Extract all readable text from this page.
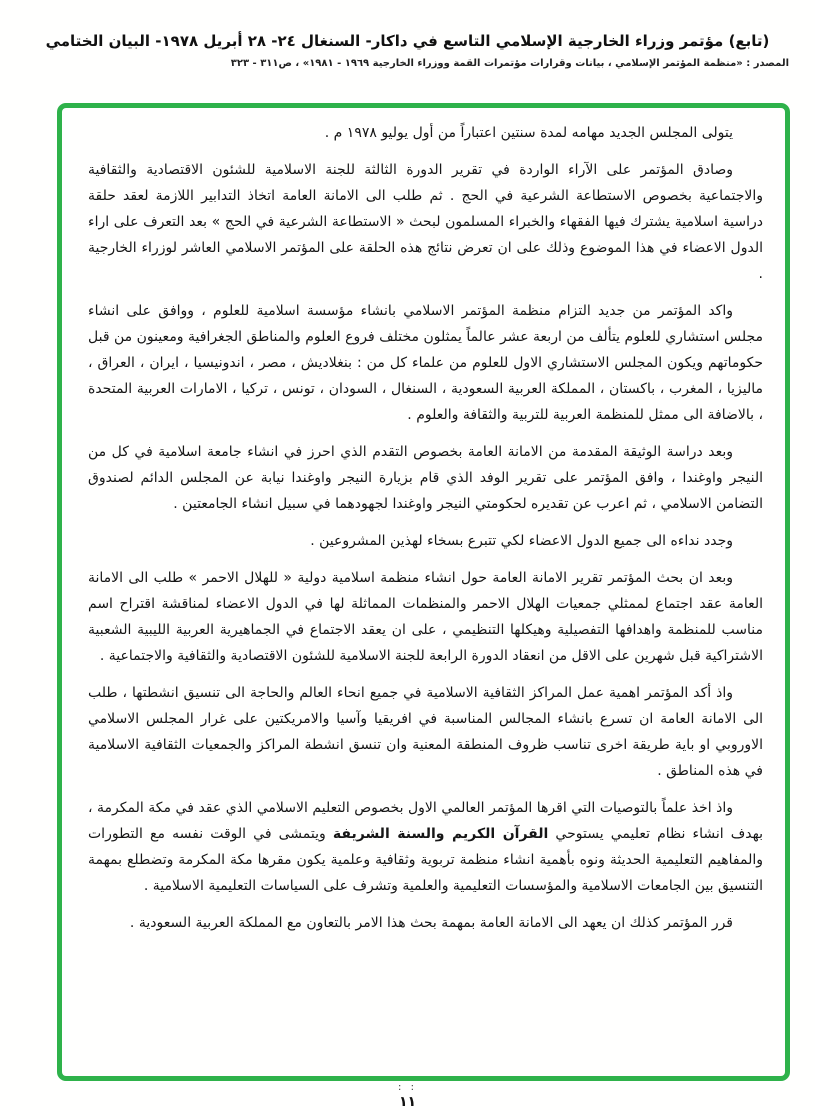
(تابع) مؤتمر وزراء الخارجية الإسلامي التاسع في داكار- السنغال ٢٤- ٢٨ أبريل ١٩٧٨- البيان الختامي
المصدر : «منظمة المؤتمر الإسلامي ، بيانات وقرارات مؤتمرات القمة ووزراء الخارجية ١٩٦٩ - ١٩٨١» ، ص٣١١ - ٣٢٣

يتولى المجلس الجديد مهامه لمدة سنتين اعتباراً من أول يوليو ١٩٧٨ م .

وصادق المؤتمر على الآراء الواردة في تقرير الدورة الثالثة للجنة الاسلامية للشئون الاقتصادية والثقافية والاجتماعية بخصوص الاستطاعة الشرعية في الحج . ثم طلب الى الامانة العامة اتخاذ التدابير اللازمة لعقد حلقة دراسية اسلامية يشترك فيها الفقهاء والخبراء المسلمون لبحث « الاستطاعة الشرعية في الحج » بعد التعرف على اراء الدول الاعضاء في هذا الموضوع وذلك على ان تعرض نتائج هذه الحلقة على المؤتمر الاسلامي العاشر لوزراء الخارجية .

واكد المؤتمر من جديد التزام منظمة المؤتمر الاسلامي بانشاء مؤسسة اسلامية للعلوم ، ووافق على انشاء مجلس استشاري للعلوم يتألف من اربعة عشر عالماً يمثلون مختلف فروع العلوم والمناطق الجغرافية ومعينون من قبل حكوماتهم ويكون المجلس الاستشاري الاول للعلوم من علماء كل من : بنغلاديش ، مصر ، اندونيسيا ، ايران ، العراق ، ماليزيا ، المغرب ، باكستان ، المملكة العربية السعودية ، السنغال ، السودان ، تونس ، تركيا ، الامارات العربية المتحدة ، بالاضافة الى ممثل للمنظمة العربية للتربية والثقافة والعلوم .

وبعد دراسة الوثيقة المقدمة من الامانة العامة بخصوص التقدم الذي احرز في انشاء جامعة اسلامية في كل من النيجر واوغندا ، وافق المؤتمر على تقرير الوفد الذي قام بزيارة النيجر واوغندا نيابة عن المجلس الدائم لصندوق التضامن الاسلامي ، ثم اعرب عن تقديره لحكومتي النيجر واوغندا لجهودهما في سبيل انشاء الجامعتين .

وجدد نداءه الى جميع الدول الاعضاء لكي تتبرع بسخاء لهذين المشروعين .

وبعد ان بحث المؤتمر تقرير الامانة العامة حول انشاء منظمة اسلامية دولية « للهلال الاحمر » طلب الى الامانة العامة عقد اجتماع لممثلي جمعيات الهلال الاحمر والمنظمات المماثلة لها في الدول الاعضاء لمناقشة اقتراح اسم مناسب للمنظمة واهدافها التفصيلية وهيكلها التنظيمي ، على ان يعقد الاجتماع في الجماهيرية العربية الليبية الشعبية الاشتراكية قبل شهرين على الاقل من انعقاد الدورة الرابعة للجنة الاسلامية للشئون الاقتصادية والثقافية والاجتماعية .

واذ أكد المؤتمر اهمية عمل المراكز الثقافية الاسلامية في جميع انحاء العالم والحاجة الى تنسيق انشطتها ، طلب الى الامانة العامة ان تسرع بانشاء المجالس المناسبة في افريقيا وآسيا والامريكتين على غرار المجلس الاسلامي الاوروبي او باية طريقة اخرى تناسب ظروف المنطقة المعنية وان تنسق انشطة المراكز والجمعيات الثقافية الاسلامية في هذه المناطق .

واذ اخذ علماً بالتوصيات التي اقرها المؤتمر العالمي الاول بخصوص التعليم الاسلامي الذي عقد في مكة المكرمة ، بهدف انشاء نظام تعليمي يستوحي القرآن الكريم والسنة الشريفة ويتمشى في الوقت نفسه مع التطورات والمفاهيم التعليمية الحديثة ونوه بأهمية انشاء منظمة تربوية وثقافية وعلمية يكون مقرها مكة المكرمة وتضطلع بمهمة التنسيق بين الجامعات الاسلامية والمؤسسات التعليمية والعلمية وتشرف على السياسات التعليمية الاسلامية .

قرر المؤتمر كذلك ان يعهد الى الامانة العامة بمهمة بحث هذا الامر بالتعاون مع المملكة العربية السعودية .

: :
١١
